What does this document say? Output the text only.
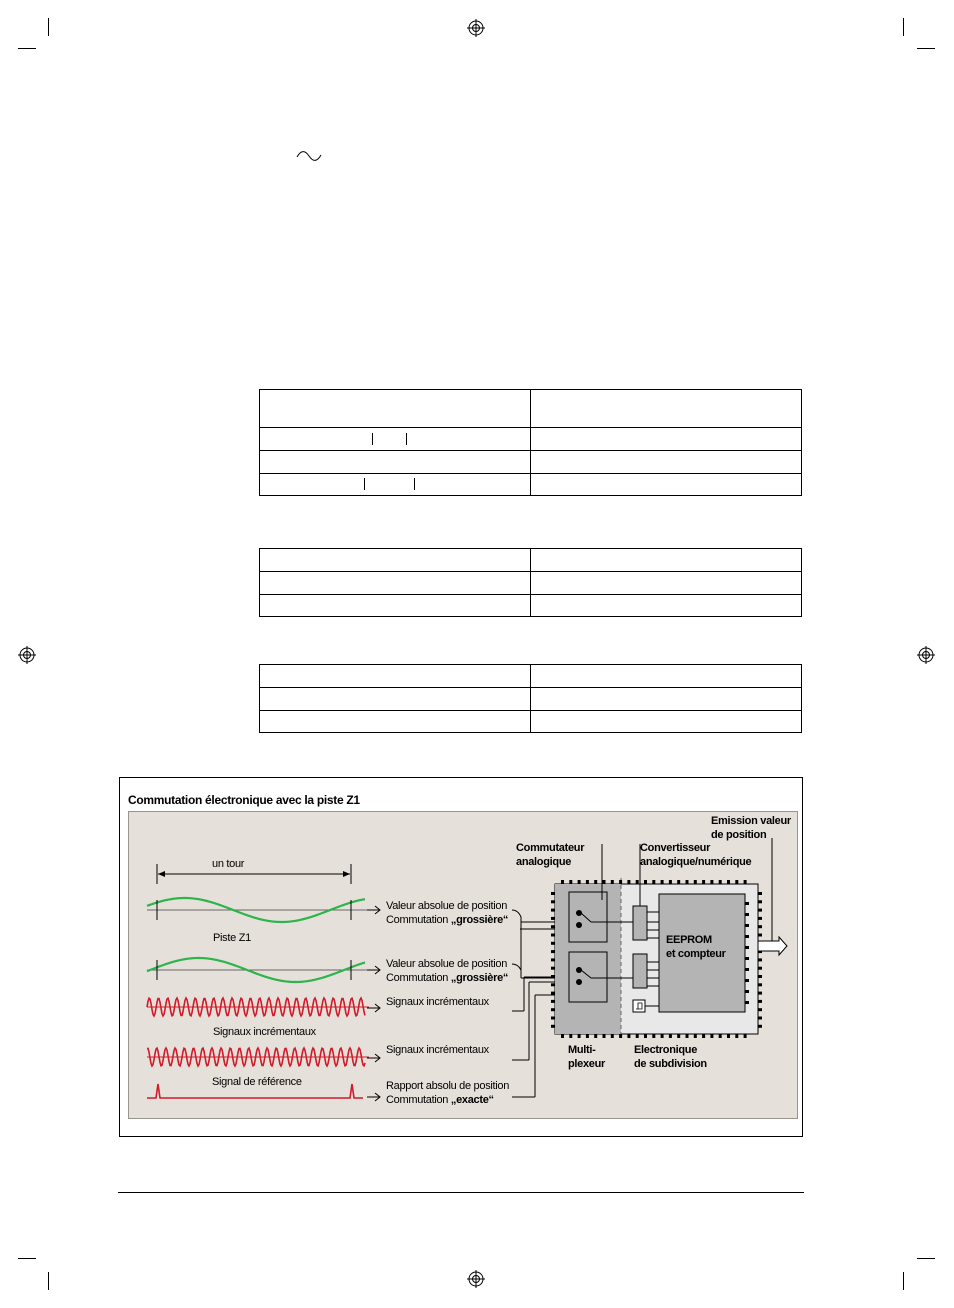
Commutation électronique avec la piste Z1
un tour
Piste Z1
Signaux incrémentaux
Signal de référence
Valeur absolue de position
Commutation „grossière“
Valeur absolue de position
Commutation „grossière“
Signaux incrémentaux
Signaux incrémentaux
Rapport absolu de position
Commutation „exacte“
Commutateur
analogique
Convertisseur
analogique/numérique
Emission valeur
de position
EEPROM
et compteur
Multi-
plexeur
Electronique
de subdivision
